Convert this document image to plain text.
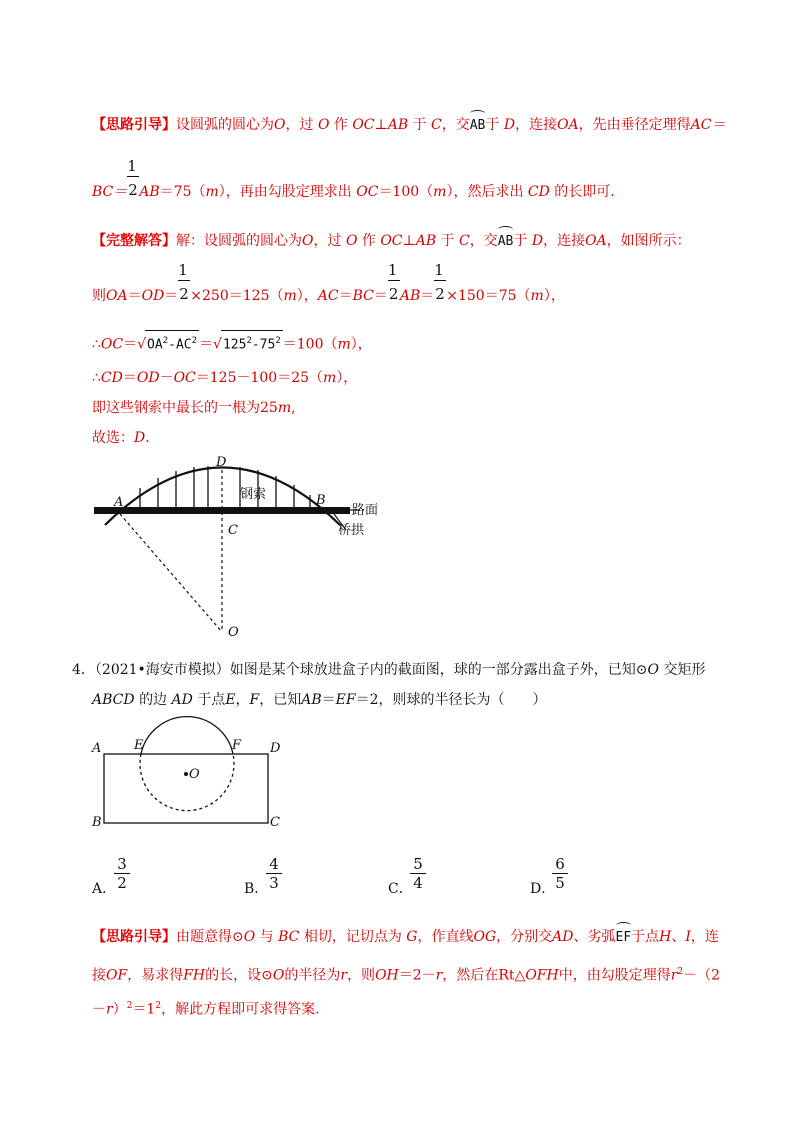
【思路引导】设圆弧的圆心为O，过 O 作 OC⊥AB 于 C，交AB于 D，连接OA，先由垂径定理得AC＝
$BC= \frac{1}{2} AB=75(m)$，再由勾股定理求出 OC＝100（m），然后求出 CD 的长即可.
【完整解答】解：设圆弧的圆心为O，过 O 作 OC⊥AB 于 C，交AB于 D，连接OA，如图所示：
则$OA=OD= \frac{1}{2} \times 250=125(m)$，$AC=BC= \frac{1}{2} AB= \frac{1}{2} \times 150=75(m)$，
$\therefore OC=√OA^2-AC^2 =√125^2-75^2 =100(m)$，
∴CD＝OD－OC＝125－100＝25（m），
即这些钢索中最长的一根为25m,
故选：D.
D
A	B
C
O
钢索
路面
桥拱
4．（2021•海安市模拟）如图是某个球放进盒子内的截面图，球的一部分露出盒子外，已知⊙O 交矩形
ABCD 的边 AD 于点E，F，已知AB＝EF＝2，则球的半径长为（　　）
A	E	F D
O
B	C
A．
3
2	B．
4
3	C．
5
4	D．
6
5
【思路引导】由题意得⊙O 与 BC 相切，记切点为 G，作直线OG，分别交AD、劣弧EF于点H、I，连
接OF，易求得FH的长，设⊙O的半径为r，则OH＝2－r，然后在Rt△OFH中，由勾股定理得$r^2-(2$
$-r)^2=1^2$，解此方程即可求得答案.
